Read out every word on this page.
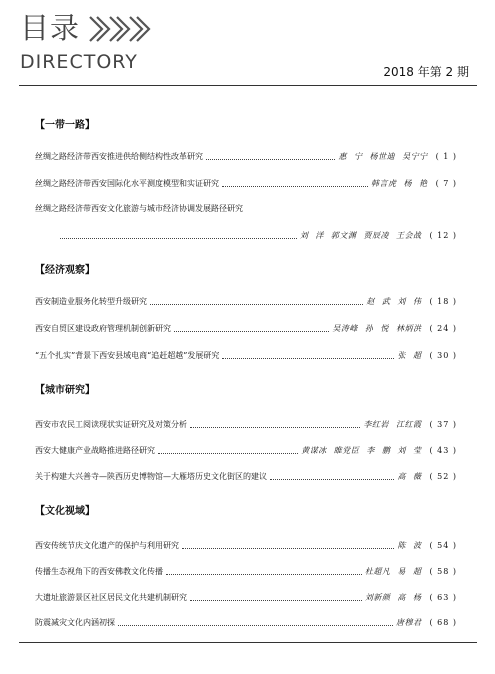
目录
DIRECTORY	2018 年第 2 期
【一带一路】
丝绸之路经济带西安推进供给侧结构性改革研究	惠 宁 杨世迪 吴宁宁 ( 1 )
丝绸之路经济带西安国际化水平测度模型和实证研究	韩言虎 杨 艳 ( 7 )
丝绸之路经济带西安文化旅游与城市经济协调发展路径研究
刘 洋 郭文渊 贾辰凌 王会战 ( 12 )
【经济观察】
西安制造业服务化转型升级研究	赵 武 刘 伟 ( 18 )
西安自贸区建设政府管理机制创新研究	吴涛峰 孙 悦 林炳洪 ( 24 )
“五个扎实”背景下西安县域电商“追赶超越”发展研究	张 超 ( 30 )
【城市研究】
西安市农民工阅读现状实证研究及对策分析	李红岩 江红霞 ( 37 )
西安大健康产业战略推进路径研究	黄谋冰 睢党臣 李 鹏 刘 莹 ( 43 )
关于构建大兴善寺—陕西历史博物馆—大雁塔历史文化街区的建议	高 薇 ( 52 )
【文化视域】
西安传统节庆文化遗产的保护与利用研究	陈 波 ( 54 )
传播生态视角下的西安佛教文化传播	杜超凡 易 超 ( 58 )
大遗址旅游景区社区居民文化共建机制研究	刘新颜 高 杨 ( 63 )
防震减灾文化内涵初探	唐穆君 ( 68 )
